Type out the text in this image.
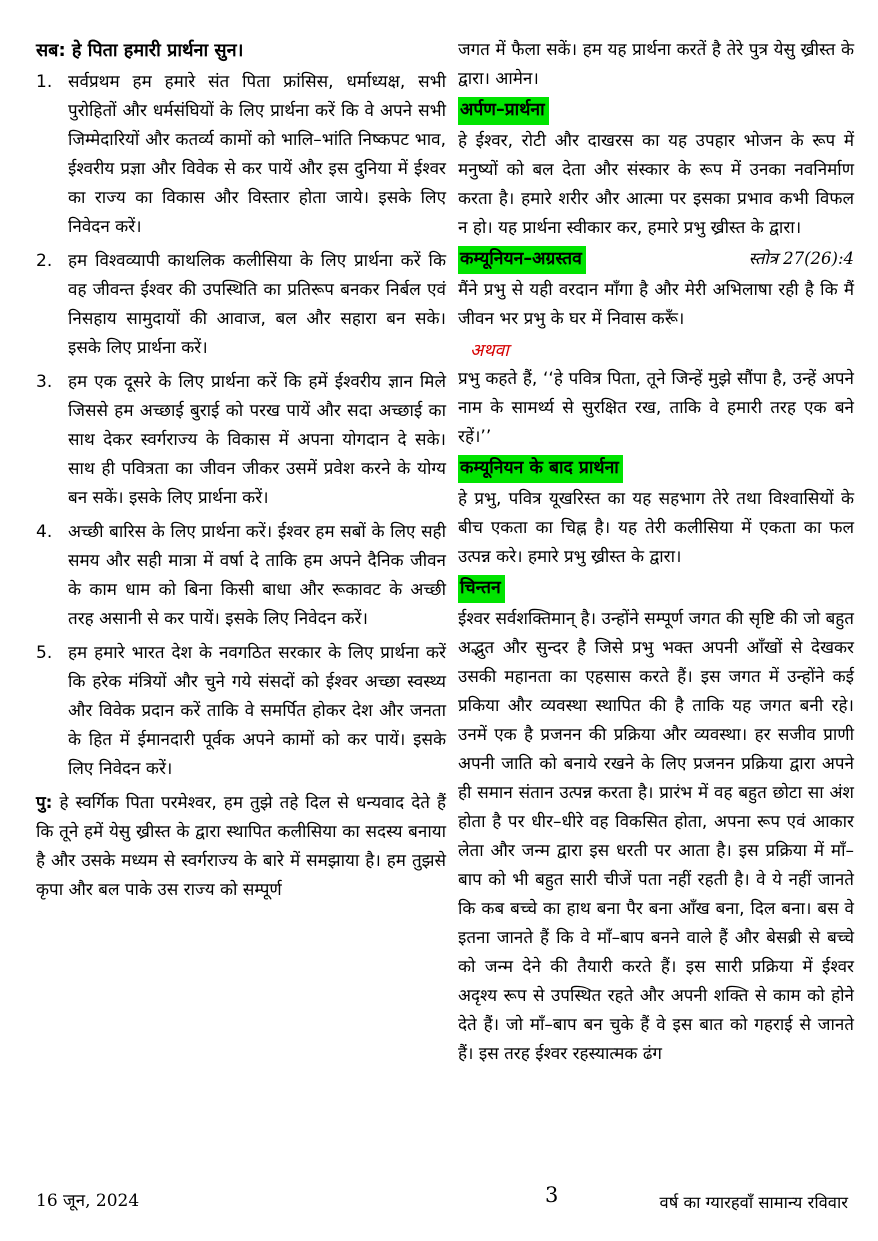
सब: हे पिता हमारी प्रार्थना सुन।
1. सर्वप्रथम हम हमारे संत पिता फ्रांसिस, धर्माध्यक्ष, सभी पुरोहितों और धर्मसंघियों के लिए प्रार्थना करें कि वे अपने सभी जिम्मेदारियों और कतर्व्य कामों को भालि–भांति निष्कपट भाव, ईश्वरीय प्रज्ञा और विवेक से कर पायें और इस दुनिया में ईश्वर का राज्य का विकास और विस्तार होता जाये। इसके लिए निवेदन करें।
2. हम विश्वव्यापी काथलिक कलीसिया के लिए प्रार्थना करें कि वह जीवन्त ईश्वर की उपस्थिति का प्रतिरूप बनकर निर्बल एवं निसहाय सामुदायों की आवाज, बल और सहारा बन सके। इसके लिए प्रार्थना करें।
3. हम एक दूसरे के लिए प्रार्थना करें कि हमें ईश्वरीय ज्ञान मिले जिससे हम अच्छाई बुराई को परख पायें और सदा अच्छाई का साथ देकर स्वर्गराज्य के विकास में अपना योगदान दे सके। साथ ही पवित्रता का जीवन जीकर उसमें प्रवेश करने के योग्य बन सकें। इसके लिए प्रार्थना करें।
4. अच्छी बारिस के लिए प्रार्थना करें। ईश्वर हम सबों के लिए सही समय और सही मात्रा में वर्षा दे ताकि हम अपने दैनिक जीवन के काम धाम को बिना किसी बाधा और रूकावट के अच्छी तरह असानी से कर पायें। इसके लिए निवेदन करें।
5. हम हमारे भारत देश के नवगठित सरकार के लिए प्रार्थना करें कि हरेक मंत्रियों और चुने गये संसदों को ईश्वर अच्छा स्वस्थ्य और विवेक प्रदान करें ताकि वे समर्पित होकर देश और जनता के हित में ईमानदारी पूर्वक अपने कामों को कर पायें। इसके लिए निवेदन करें।

पु: हे स्वर्गिक पिता परमेश्वर, हम तुझे तहे दिल से धन्यवाद देते हैं कि तूने हमें येसु ख्रीस्त के द्वारा स्थापित कलीसिया का सदस्य बनाया है और उसके मध्यम से स्वर्गराज्य के बारे में समझाया है। हम तुझसे कृपा और बल पाके उस राज्य को सम्पूर्ण

जगत में फैला सकें। हम यह प्रार्थना करतें है तेरे पुत्र येसु ख्रीस्त के द्वारा। आमेन।

अर्पण–प्रार्थना

हे ईश्वर, रोटी और दाखरस का यह उपहार भोजन के रूप में मनुष्यों को बल देता और संस्कार के रूप में उनका नवनिर्माण करता है। हमारे शरीर और आत्मा पर इसका प्रभाव कभी विफल न हो। यह प्रार्थना स्वीकार कर, हमारे प्रभु ख्रीस्त के द्वारा।

कम्यूनियन–अग्रस्तव	स्तोत्र 27(26):4

मैंने प्रभु से यही वरदान माँगा है और मेरी अभिलाषा रही है कि मैं जीवन भर प्रभु के घर में निवास करूँ।

अथवा

प्रभु कहते हैं, ‘‘हे पवित्र पिता, तूने जिन्हें मुझे सौंपा है, उन्हें अपने नाम के सामर्थ्य से सुरक्षित रख, ताकि वे हमारी तरह एक बने रहें।’’

कम्यूनियन के बाद प्रार्थना

हे प्रभु, पवित्र यूखरिस्त का यह सहभाग तेरे तथा विश्वासियों के बीच एकता का चिह्न है। यह तेरी कलीसिया में एकता का फल उत्पन्न करे। हमारे प्रभु ख्रीस्त के द्वारा।

चिन्तन

ईश्वर सर्वशक्तिमान् है। उन्होंने सम्पूर्ण जगत की सृष्टि की जो बहुत अद्भुत और सुन्दर है जिसे प्रभु भक्त अपनी आँखों से देखकर उसकी महानता का एहसास करते हैं। इस जगत में उन्होंने कई प्रकिया और व्यवस्था स्थापित की है ताकि यह जगत बनी रहे। उनमें एक है प्रजनन की प्रक्रिया और व्यवस्था। हर सजीव प्राणी अपनी जाति को बनाये रखने के लिए प्रजनन प्रक्रिया द्वारा अपने ही समान संतान उत्पन्न करता है। प्रारंभ में वह बहुत छोटा सा अंश होता है पर धीर–धीरे वह विकसित होता, अपना रूप एवं आकार लेता और जन्म द्वारा इस धरती पर आता है। इस प्रक्रिया में माँ–बाप को भी बहुत सारी चीजें पता नहीं रहती है। वे ये नहीं जानते कि कब बच्चे का हाथ बना पैर बना आँख बना, दिल बना। बस वे इतना जानते हैं कि वे माँ–बाप बनने वाले हैं और बेसब्री से बच्चे को जन्म देने की तैयारी करते हैं। इस सारी प्रक्रिया में ईश्वर अदृश्य रूप से उपस्थित रहते और अपनी शक्ति से काम को होने देते हैं। जो माँ–बाप बन चुके हैं वे इस बात को गहराई से जानते हैं। इस तरह ईश्वर रहस्यात्मक ढंग

16 जून, 2024	3	वर्ष का ग्यारहवाँ सामान्य रविवार
